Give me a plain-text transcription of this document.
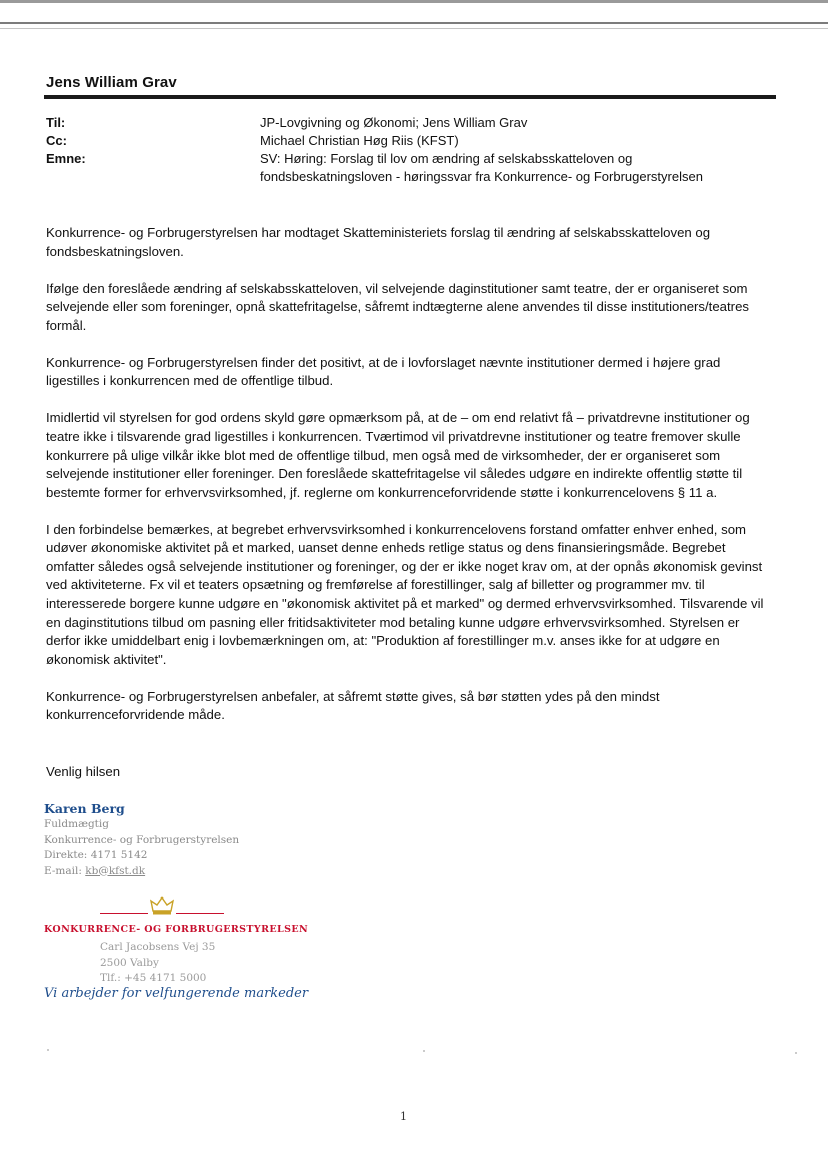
Jens William Grav
Til:	JP-Lovgivning og Økonomi; Jens William Grav
Cc:	Michael Christian Høg Riis (KFST)
Emne:	SV: Høring: Forslag til lov om ændring af selskabsskatteloven og fondsbeskatningsloven - høringssvar fra Konkurrence- og Forbrugerstyrelsen

Konkurrence- og Forbrugerstyrelsen har modtaget Skatteministeriets forslag til ændring af selskabsskatteloven og fondsbeskatningsloven.

Ifølge den foreslåede ændring af selskabsskatteloven, vil selvejende daginstitutioner samt teatre, der er organiseret som selvejende eller som foreninger, opnå skattefritagelse, såfremt indtægterne alene anvendes til disse institutioners/teatres formål.

Konkurrence- og Forbrugerstyrelsen finder det positivt, at de i lovforslaget nævnte institutioner dermed i højere grad ligestilles i konkurrencen med de offentlige tilbud.

Imidlertid vil styrelsen for god ordens skyld gøre opmærksom på, at de – om end relativt få – privatdrevne institutioner og teatre ikke i tilsvarende grad ligestilles i konkurrencen. Tværtimod vil privatdrevne institutioner og teatre fremover skulle konkurrere på ulige vilkår ikke blot med de offentlige tilbud, men også med de virksomheder, der er organiseret som selvejende institutioner eller foreninger. Den foreslåede skattefritagelse vil således udgøre en indirekte offentlig støtte til bestemte former for erhvervsvirksomhed, jf. reglerne om konkurrenceforvridende støtte i konkurrencelovens § 11 a.

I den forbindelse bemærkes, at begrebet erhvervsvirksomhed i konkurrencelovens forstand omfatter enhver enhed, som udøver økonomiske aktivitet på et marked, uanset denne enheds retlige status og dens finansieringsmåde. Begrebet omfatter således også selvejende institutioner og foreninger, og der er ikke noget krav om, at der opnås økonomisk gevinst ved aktiviteterne. Fx vil et teaters opsætning og fremførelse af forestillinger, salg af billetter og programmer mv. til interesserede borgere kunne udgøre en "økonomisk aktivitet på et marked" og dermed erhvervsvirksomhed. Tilsvarende vil en daginstitutions tilbud om pasning eller fritidsaktiviteter mod betaling kunne udgøre erhvervsvirksomhed. Styrelsen er derfor ikke umiddelbart enig i lovbemærkningen om, at: "Produktion af forestillinger m.v. anses ikke for at udgøre en økonomisk aktivitet".

Konkurrence- og Forbrugerstyrelsen anbefaler, at såfremt støtte gives, så bør støtten ydes på den mindst konkurrenceforvridende måde.

Venlig hilsen
Karen Berg
Fuldmægtig
Konkurrence- og Forbrugerstyrelsen
Direkte: 4171 5142
E-mail: kb@kfst.dk
KONKURRENCE- OG FORBRUGERSTYRELSEN
Carl Jacobsens Vej 35
2500 Valby
Tlf.: +45 4171 5000
Vi arbejder for velfungerende markeder
1
